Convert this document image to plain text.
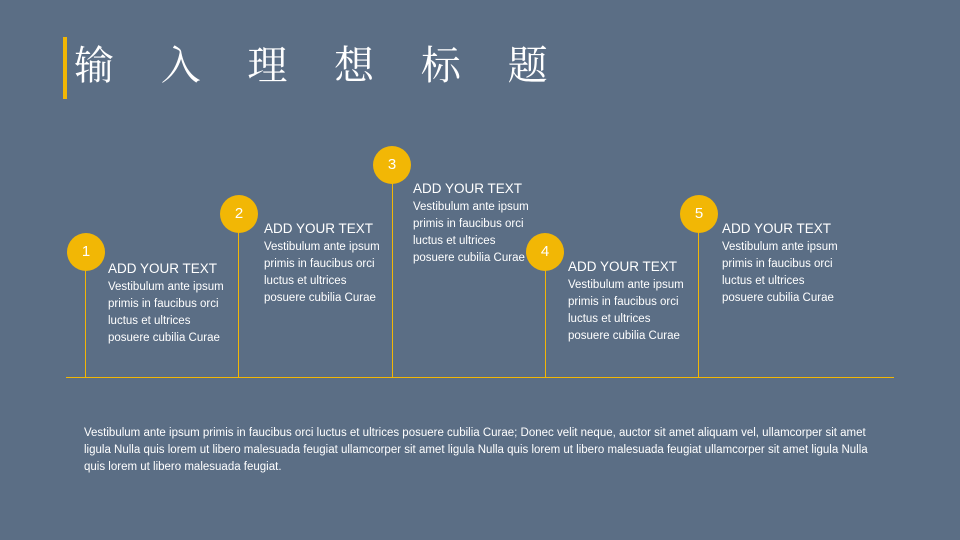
输 入 理 想 标 题
1
ADD YOUR TEXT
Vestibulum ante ipsum primis in faucibus orci luctus et ultrices posuere cubilia Curae
2
ADD YOUR TEXT
Vestibulum ante ipsum primis in faucibus orci luctus et ultrices posuere cubilia Curae
3
ADD YOUR TEXT
Vestibulum ante ipsum primis in faucibus orci luctus et ultrices posuere cubilia Curae	4
ADD YOUR TEXT
Vestibulum ante ipsum primis in faucibus orci luctus et ultrices posuere cubilia Curae
5
ADD YOUR TEXT
Vestibulum ante ipsum primis in faucibus orci luctus et ultrices posuere cubilia Curae
Vestibulum ante ipsum primis in faucibus orci luctus et ultrices posuere cubilia Curae; Donec velit neque, auctor sit amet aliquam vel, ullamcorper sit amet ligula Nulla quis lorem ut libero malesuada feugiat ullamcorper sit amet ligula Nulla quis lorem ut libero malesuada feugiat ullamcorper sit amet ligula Nulla quis lorem ut libero malesuada feugiat.
